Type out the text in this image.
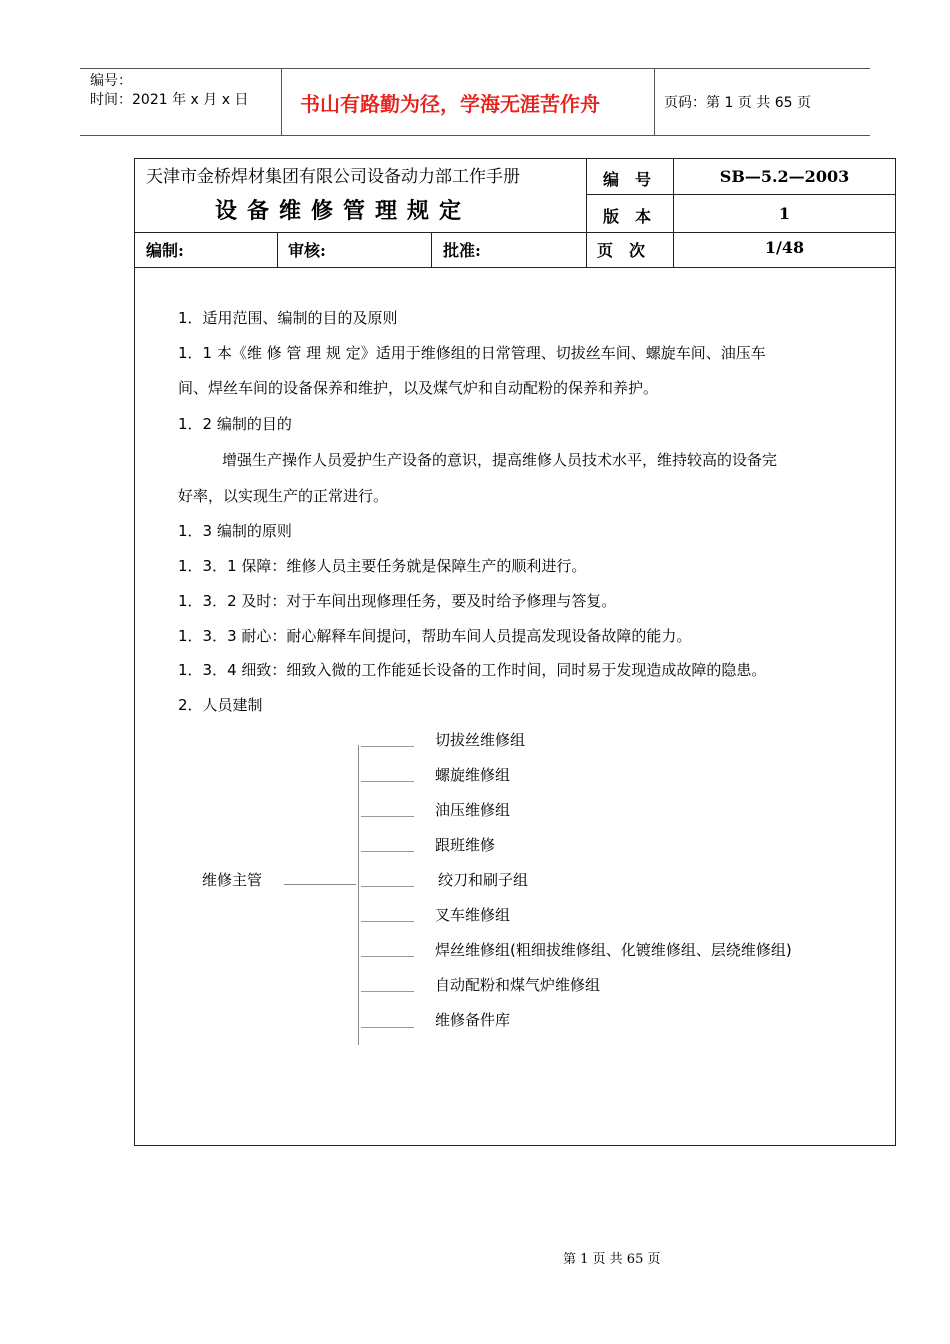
编号：
时间：2021 年 x 月 x 日	书山有路勤为径，学海无涯苦作舟	页码：第 1 页 共 65 页
天津市金桥焊材集团有限公司设备动力部工作手册
设备维修管理规定
编　号	SB—5.2—2003
版　本	1
编制:	审核:	批准:	页　次	1/48
1．适用范围、编制的目的及原则
1．1 本《维 修 管 理 规 定》适用于维修组的日常管理、切拔丝车间、螺旋车间、油压车
间、焊丝车间的设备保养和维护，以及煤气炉和自动配粉的保养和养护。
1．2 编制的目的
增强生产操作人员爱护生产设备的意识，提高维修人员技术水平，维持较高的设备完
好率，以实现生产的正常进行。
1．3 编制的原则
1．3．1 保障：维修人员主要任务就是保障生产的顺利进行。
1．3．2 及时：对于车间出现修理任务，要及时给予修理与答复。
1．3．3 耐心：耐心解释车间提问，帮助车间人员提高发现设备故障的能力。
1．3．4 细致：细致入微的工作能延长设备的工作时间，同时易于发现造成故障的隐患。
2．人员建制
维修主管
切拔丝维修组
螺旋维修组
油压维修组
跟班维修
绞刀和刷子组
叉车维修组
焊丝维修组(粗细拔维修组、化镀维修组、层绕维修组)
自动配粉和煤气炉维修组
维修备件库
第 1 页 共 65 页
